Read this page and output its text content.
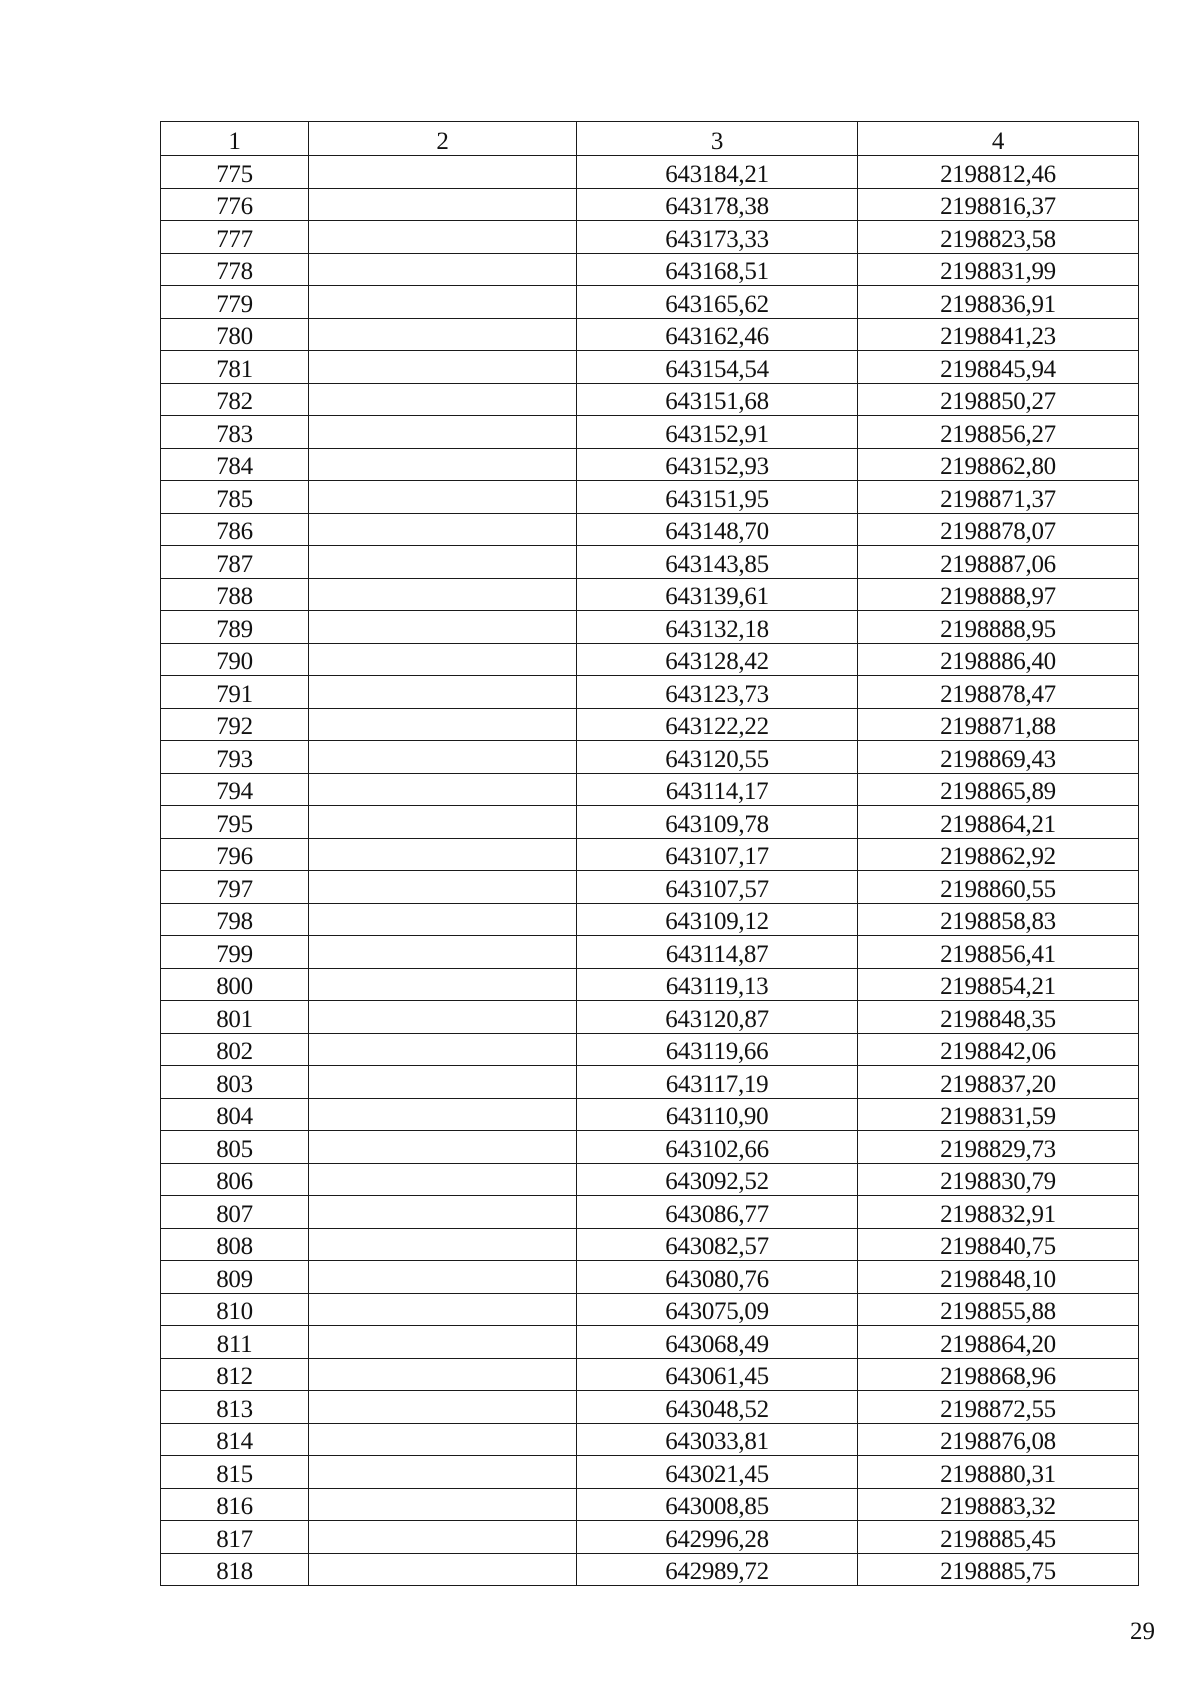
1	2	3	4
775		643184,21	2198812,46
776		643178,38	2198816,37
777		643173,33	2198823,58
778		643168,51	2198831,99
779		643165,62	2198836,91
780		643162,46	2198841,23
781		643154,54	2198845,94
782		643151,68	2198850,27
783		643152,91	2198856,27
784		643152,93	2198862,80
785		643151,95	2198871,37
786		643148,70	2198878,07
787		643143,85	2198887,06
788		643139,61	2198888,97
789		643132,18	2198888,95
790		643128,42	2198886,40
791		643123,73	2198878,47
792		643122,22	2198871,88
793		643120,55	2198869,43
794		643114,17	2198865,89
795		643109,78	2198864,21
796		643107,17	2198862,92
797		643107,57	2198860,55
798		643109,12	2198858,83
799		643114,87	2198856,41
800		643119,13	2198854,21
801		643120,87	2198848,35
802		643119,66	2198842,06
803		643117,19	2198837,20
804		643110,90	2198831,59
805		643102,66	2198829,73
806		643092,52	2198830,79
807		643086,77	2198832,91
808		643082,57	2198840,75
809		643080,76	2198848,10
810		643075,09	2198855,88
811		643068,49	2198864,20
812		643061,45	2198868,96
813		643048,52	2198872,55
814		643033,81	2198876,08
815		643021,45	2198880,31
816		643008,85	2198883,32
817		642996,28	2198885,45
818		642989,72	2198885,75
29
